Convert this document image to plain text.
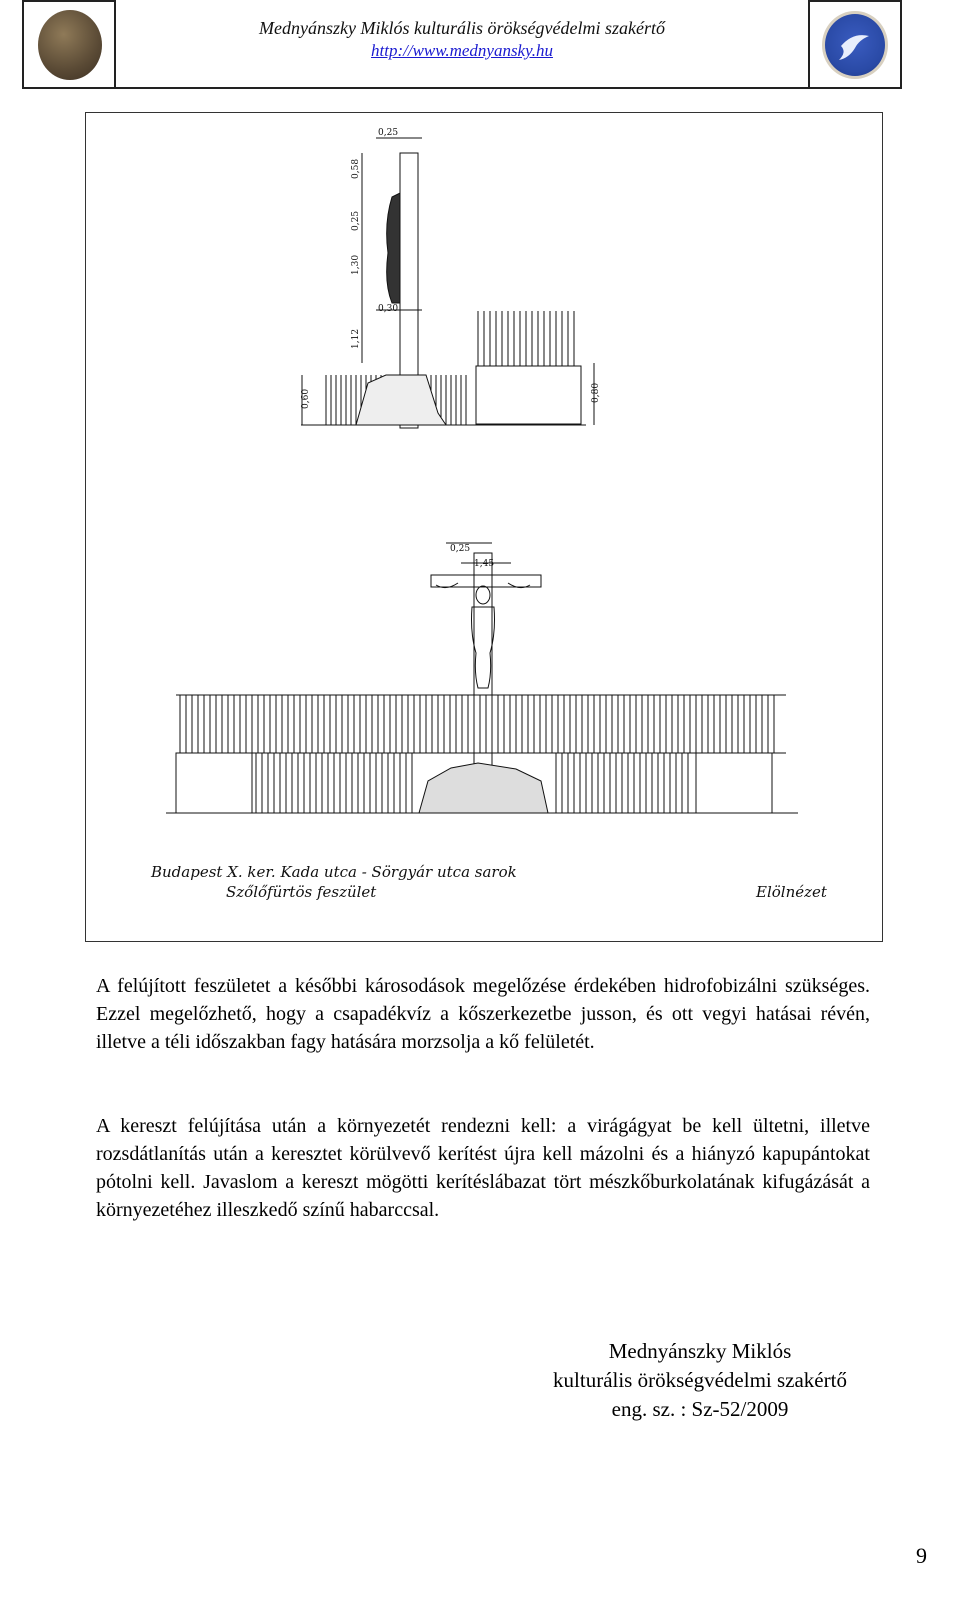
Mednyánszky Miklós kulturális örökségvédelmi szakértő
http://www.mednyansky.hu
0,25
0,58
0,25
1,30
0,30
1,12
0,60	0,80
0,25
1,45
Budapest X. ker. Kada utca - Sörgyár utca sarok
Szőlőfürtös feszület	Elölnézet
A felújított feszületet a későbbi károsodások megelőzése érdekében hidrofobizálni szükséges. Ezzel megelőzhető, hogy a csapadékvíz a kőszerkezetbe jusson, és ott vegyi hatásai révén, illetve a téli időszakban fagy hatására morzsolja a kő felületét.
A kereszt felújítása után a környezetét rendezni kell: a virágágyat be kell ültetni, illetve rozsdátlanítás után a keresztet körülvevő kerítést újra kell mázolni és a hiányzó kapupántokat pótolni kell. Javaslom a kereszt mögötti kerítéslábazat tört mészkőburkolatának kifugázását a környezetéhez illeszkedő színű habarccsal.
Mednyánszky Miklós
kulturális örökségvédelmi szakértő
eng. sz. : Sz-52/2009
9
